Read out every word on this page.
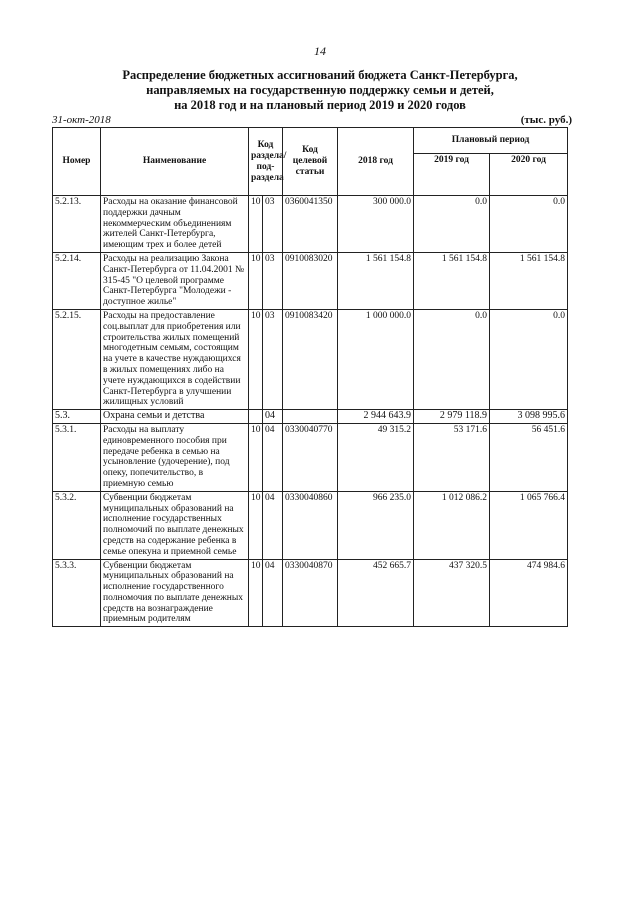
14
Распределение бюджетных ассигнований бюджета Санкт-Петербурга,
направляемых на государственную поддержку семьи и детей,
на 2018 год и на плановый период 2019 и 2020 годов
31-окт-2018	(тыс. руб.)
Номер	Наименование	Код раздела/ под-раздела		Код целевой статьи	2018 год	Плановый период	
						2019 год	2020 год
5.2.13.	Расходы на оказание финансовой поддержки дачным некоммерческим объединениям жителей Санкт-Петербурга, имеющим трех и более детей	10	03	0360041350	300 000.0	0.0	0.0
5.2.14.	Расходы на реализацию Закона Санкт-Петербурга от 11.04.2001 № 315-45 "О целевой программе Санкт-Петербурга "Молодежи - доступное жилье"	10	03	0910083020	1 561 154.8	1 561 154.8	1 561 154.8
5.2.15.	Расходы на предоставление соц.выплат для приобретения или строительства жилых помещений многодетным семьям, состоящим на учете в качестве нуждающихся в жилых помещениях либо на учете нуждающихся в содействии Санкт-Петербурга в улучшении жилищных условий	10	03	0910083420	1 000 000.0	0.0	0.0
5.3.	Охрана семьи и детства		04		2 944 643.9	2 979 118.9	3 098 995.6
5.3.1.	Расходы на выплату единовременного пособия при передаче ребенка в семью на усыновление (удочерение), под опеку, попечительство, в приемную семью	10	04	0330040770	49 315.2	53 171.6	56 451.6
5.3.2.	Субвенции бюджетам муниципальных образований на исполнение государственных полномочий по выплате денежных средств на содержание ребенка в семье опекуна и приемной семье	10	04	0330040860	966 235.0	1 012 086.2	1 065 766.4
5.3.3.	Субвенции бюджетам муниципальных образований на исполнение государственного полномочия по выплате денежных средств на вознаграждение приемным родителям	10	04	0330040870	452 665.7	437 320.5	474 984.6
